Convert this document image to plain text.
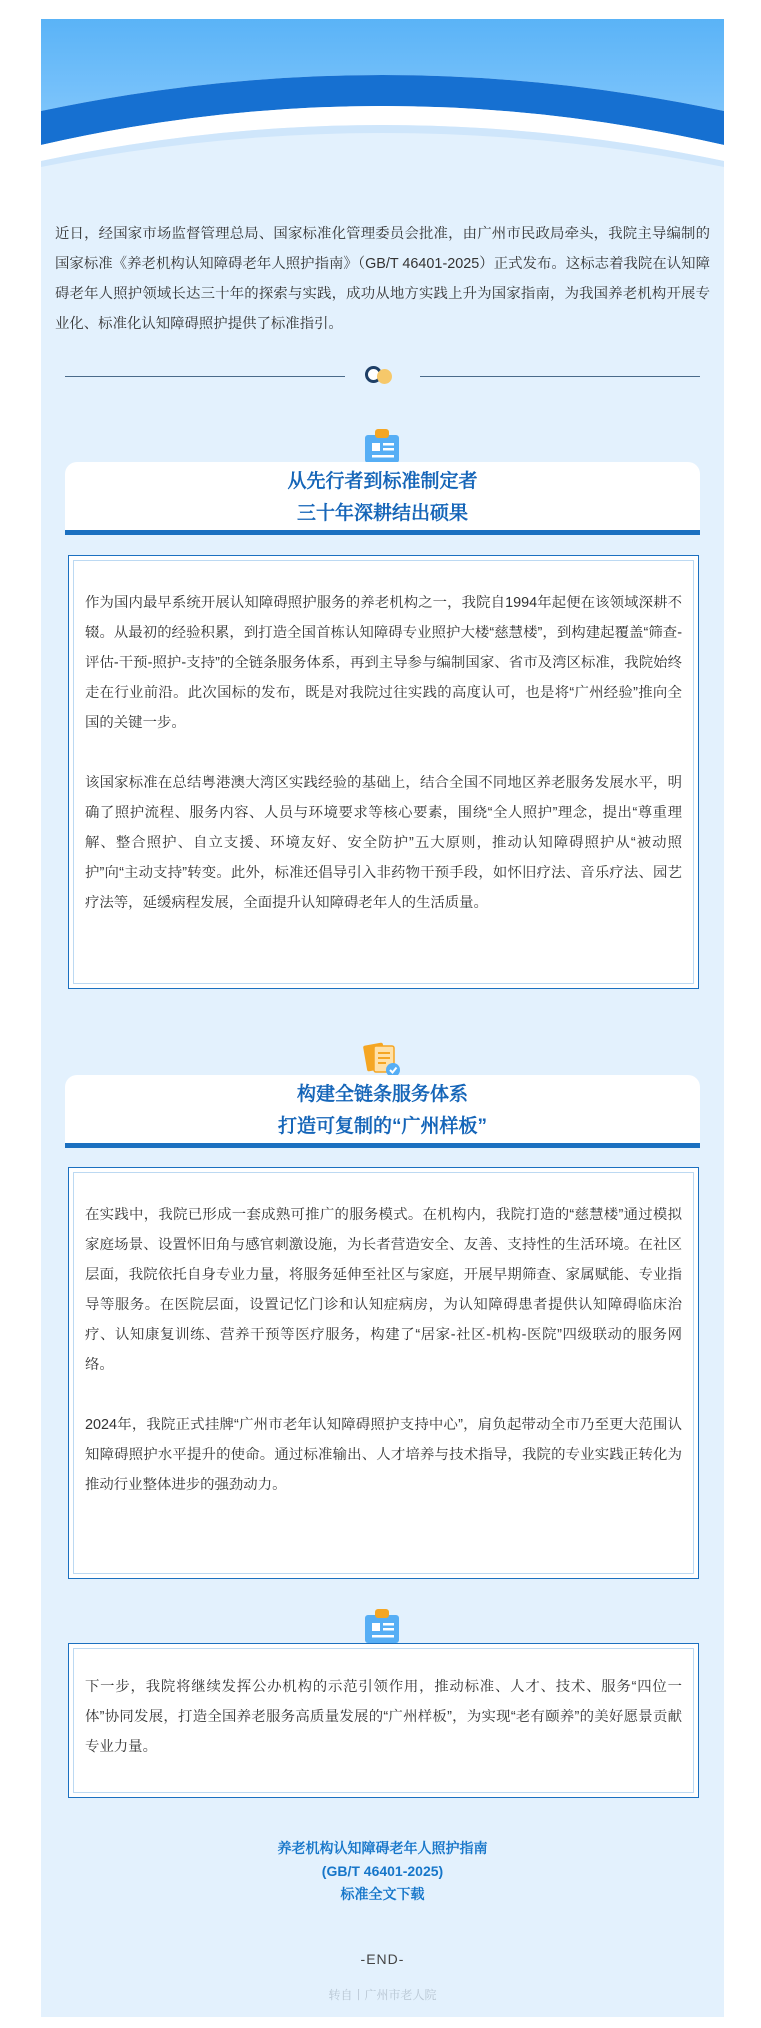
近日，经国家市场监督管理总局、国家标准化管理委员会批准，由广州市民政局牵头，我院主导编制的国家标准《养老机构认知障碍老年人照护指南》（GB/T 46401-2025）正式发布。这标志着我院在认知障碍老年人照护领域长达三十年的探索与实践，成功从地方实践上升为国家指南，为我国养老机构开展专业化、标准化认知障碍照护提供了标准指引。

从先行者到标准制定者
三十年深耕结出硕果

作为国内最早系统开展认知障碍照护服务的养老机构之一，我院自1994年起便在该领域深耕不辍。从最初的经验积累，到打造全国首栋认知障碍专业照护大楼“慈慧楼”，到构建起覆盖“筛查-评估-干预-照护-支持”的全链条服务体系，再到主导参与编制国家、省市及湾区标准，我院始终走在行业前沿。此次国标的发布，既是对我院过往实践的高度认可，也是将“广州经验”推向全国的关键一步。

该国家标准在总结粤港澳大湾区实践经验的基础上，结合全国不同地区养老服务发展水平，明确了照护流程、服务内容、人员与环境要求等核心要素，围绕“全人照护”理念，提出“尊重理解、整合照护、自立支援、环境友好、安全防护”五大原则，推动认知障碍照护从“被动照护”向“主动支持”转变。此外，标准还倡导引入非药物干预手段，如怀旧疗法、音乐疗法、园艺疗法等，延缓病程发展，全面提升认知障碍老年人的生活质量。

构建全链条服务体系
打造可复制的“广州样板”

在实践中，我院已形成一套成熟可推广的服务模式。在机构内，我院打造的“慈慧楼”通过模拟家庭场景、设置怀旧角与感官刺激设施，为长者营造安全、友善、支持性的生活环境。在社区层面，我院依托自身专业力量，将服务延伸至社区与家庭，开展早期筛查、家属赋能、专业指导等服务。在医院层面，设置记忆门诊和认知症病房，为认知障碍患者提供认知障碍临床治疗、认知康复训练、营养干预等医疗服务，构建了“居家-社区-机构-医院”四级联动的服务网络。

2024年，我院正式挂牌“广州市老年认知障碍照护支持中心”，肩负起带动全市乃至更大范围认知障碍照护水平提升的使命。通过标准输出、人才培养与技术指导，我院的专业实践正转化为推动行业整体进步的强劲动力。

下一步，我院将继续发挥公办机构的示范引领作用，推动标准、人才、技术、服务“四位一体”协同发展，打造全国养老服务高质量发展的“广州样板”，为实现“老有颐养”的美好愿景贡献专业力量。

养老机构认知障碍老年人照护指南
(GB/T 46401-2025)
标准全文下载
-END-
转自丨广州市老人院
